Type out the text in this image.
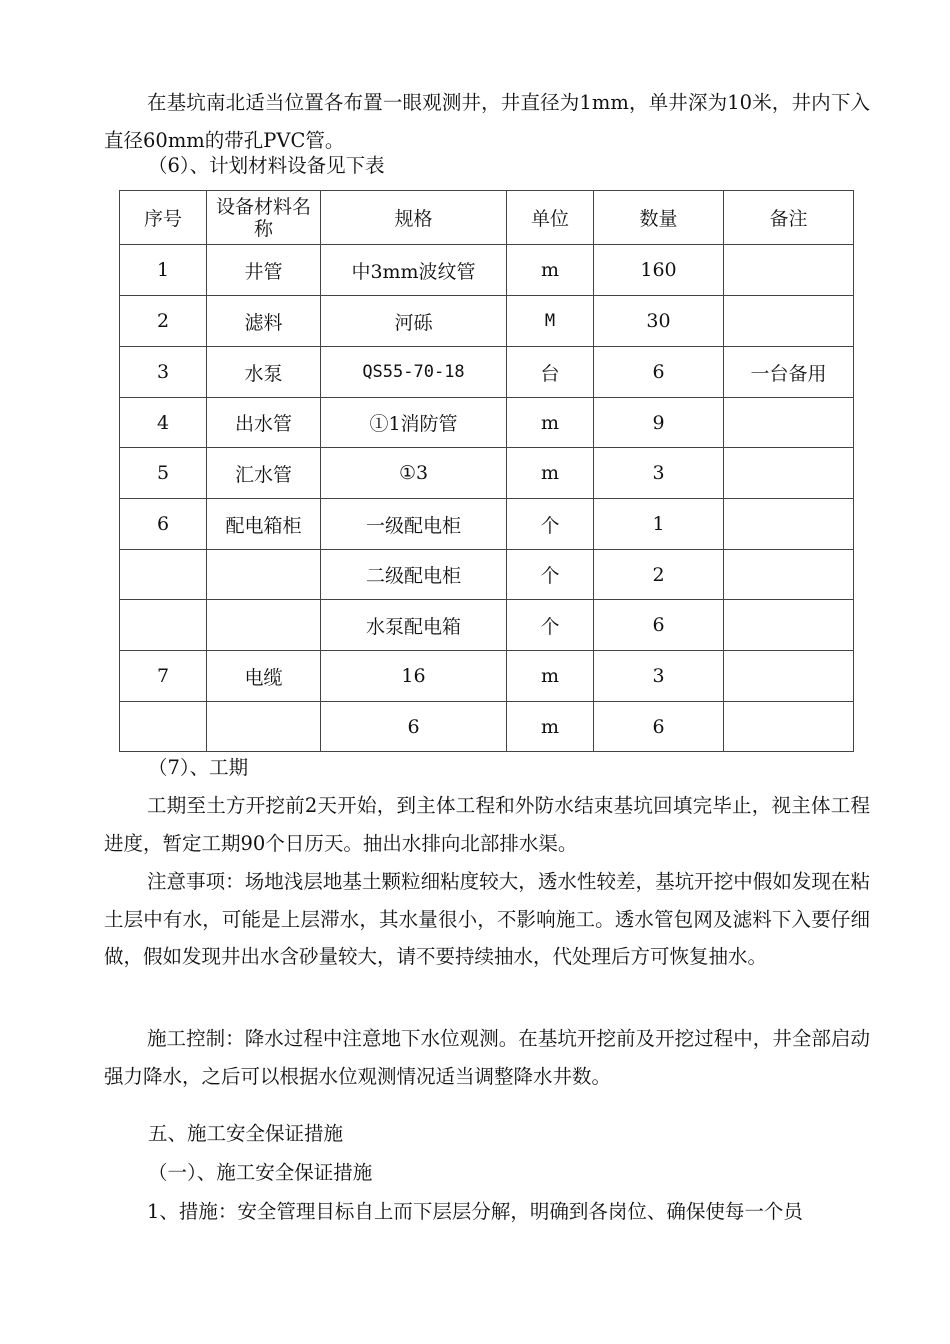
在基坑南北适当位置各布置一眼观测井，井直径为1mm，单井深为10米，井内下入直径60mm的带孔PVC管。

（6）、计划材料设备见下表

序号	设备材料名称	规格	单位	数量	备注
1	井管	中3mm波纹管	m	160	
2	滤料	河砾	M	30	
3	水泵	QS55-70-18	台	6	一台备用
4	出水管	①1消防管	m	9	
5	汇水管	①3	m	3	
6	配电箱柜	一级配电柜	个	1	
		二级配电柜	个	2	
		水泵配电箱	个	6	
7	电缆	16	m	3	
		6	m	6	

（7）、工期

工期至土方开挖前2天开始，到主体工程和外防水结束基坑回填完毕止，视主体工程进度，暂定工期90个日历天。抽出水排向北部排水渠。

注意事项：场地浅层地基土颗粒细粘度较大，透水性较差，基坑开挖中假如发现在粘土层中有水，可能是上层滞水，其水量很小，不影响施工。透水管包网及滤料下入要仔细做，假如发现井出水含砂量较大，请不要持续抽水，代处理后方可恢复抽水。

施工控制：降水过程中注意地下水位观测。在基坑开挖前及开挖过程中，井全部启动强力降水，之后可以根据水位观测情况适当调整降水井数。

五、施工安全保证措施

（一）、施工安全保证措施

1、措施：安全管理目标自上而下层层分解，明确到各岗位、确保使每一个员
